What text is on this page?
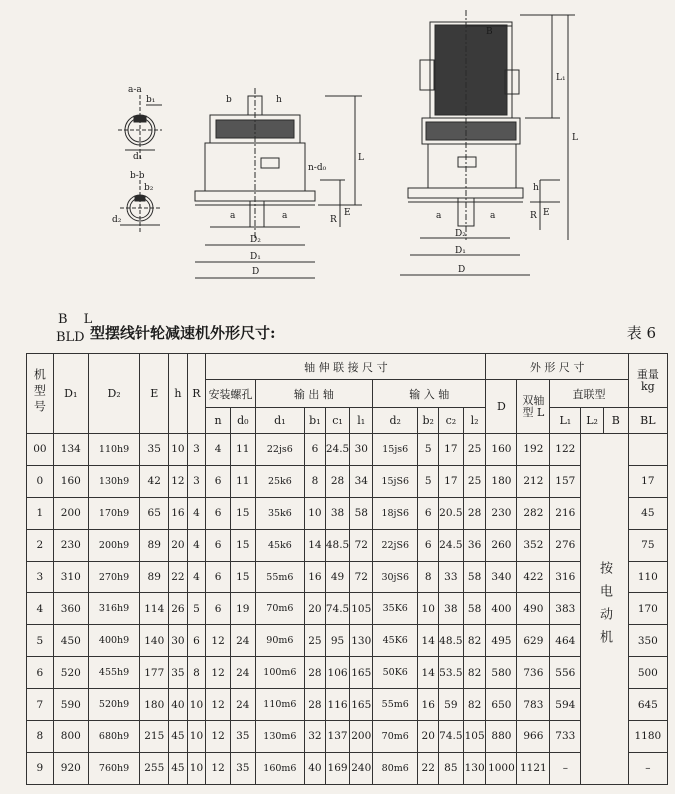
a-a
b₁
d₁
b-b
b₂
d₂
b	h
L
n-d₀
a	a	R
E
D₂
D₁
D
B
L₁
L
h
R E
a	a
D₂
D₁
D
B L
BLD 型摆线针轮减速机外形尺寸:	表 6
机型号	D₁	D₂	E	h	R	轴 伸 联 接 尺 寸										外 形 尺 寸					重量
kg

						安装螺孔		输 出 轴				输 入 轴				D	双轴
型 L	直联型			
						n	d₀	d₁	b₁	c₁	l₁	d₂	b₂	c₂	l₂			L₁	L₂	B	BL
00	134	110h9	35	10	3	4	11	22js6	6	24.5	30	15js6	5	17	25	160	192	122	按电动机		
0	160	130h9	42	12	3	6	11	25k6	8	28	34	15jS6	5	17	25	180	212	157			17
1	200	170h9	65	16	4	6	15	35k6	10	38	58	18jS6	6	20.5	28	230	282	216			45
2	230	200h9	89	20	4	6	15	45k6	14	48.5	72	22jS6	6	24.5	36	260	352	276			75
3	310	270h9	89	22	4	6	15	55m6	16	49	72	30jS6	8	33	58	340	422	316			110
4	360	316h9	114	26	5	6	19	70m6	20	74.5	105	35K6	10	38	58	400	490	383			170
5	450	400h9	140	30	6	12	24	90m6	25	95	130	45K6	14	48.5	82	495	629	464			350
6	520	455h9	177	35	8	12	24	100m6	28	106	165	50K6	14	53.5	82	580	736	556			500
7	590	520h9	180	40	10	12	24	110m6	28	116	165	55m6	16	59	82	650	783	594			645
8	800	680h9	215	45	10	12	35	130m6	32	137	200	70m6	20	74.5	105	880	966	733			1180
9	920	760h9	255	45	10	12	35	160m6	40	169	240	80m6	22	85	130	1000	1121	–			–
